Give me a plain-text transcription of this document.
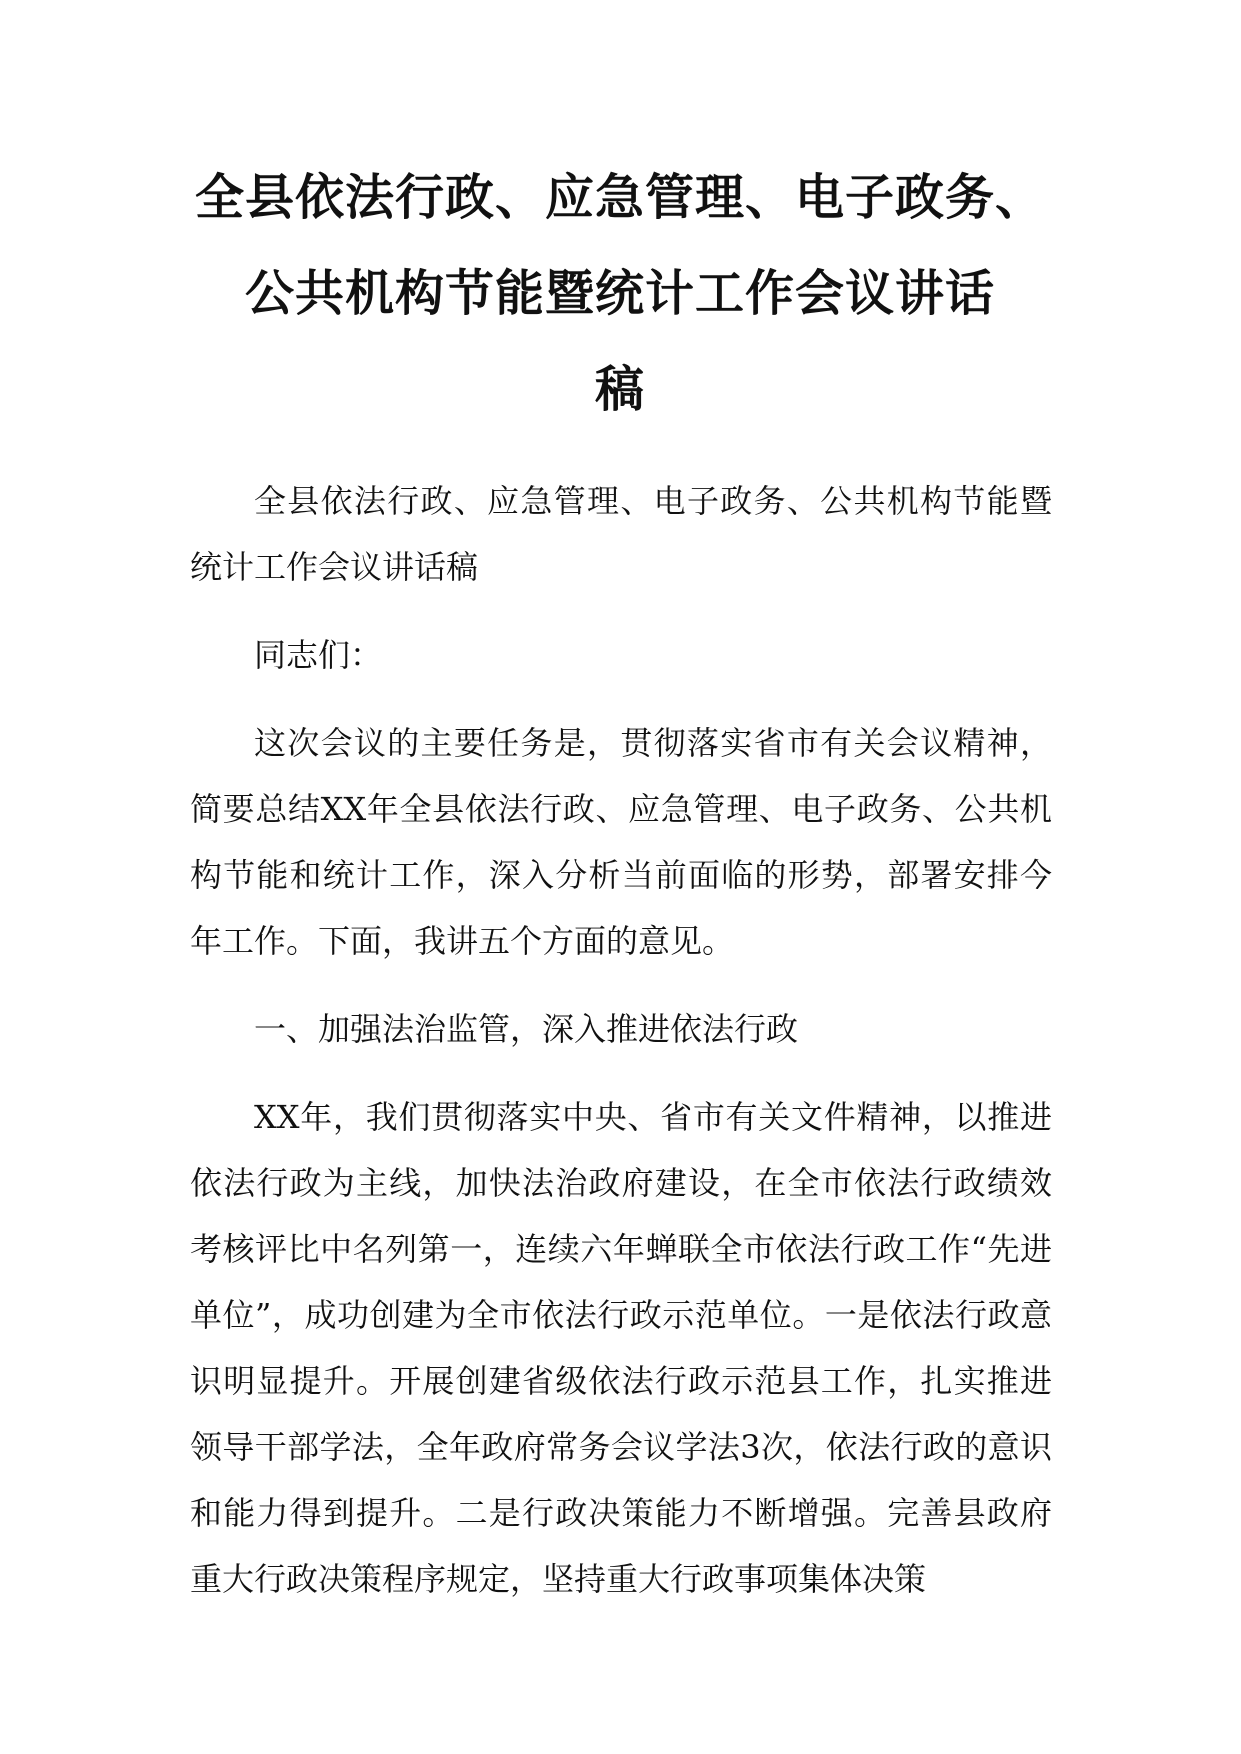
全县依法行政、应急管理、电子政务、
公共机构节能暨统计工作会议讲话
稿

全县依法行政、应急管理、电子政务、公共机构节能暨统计工作会议讲话稿

同志们：

这次会议的主要任务是，贯彻落实省市有关会议精神，简要总结XX年全县依法行政、应急管理、电子政务、公共机构节能和统计工作，深入分析当前面临的形势，部署安排今年工作。下面，我讲五个方面的意见。

一、加强法治监管，深入推进依法行政

XX年，我们贯彻落实中央、省市有关文件精神，以推进依法行政为主线，加快法治政府建设，在全市依法行政绩效考核评比中名列第一，连续六年蝉联全市依法行政工作“先进单位”，成功创建为全市依法行政示范单位。一是依法行政意识明显提升。开展创建省级依法行政示范县工作，扎实推进领导干部学法，全年政府常务会议学法3次，依法行政的意识和能力得到提升。二是行政决策能力不断增强。完善县政府重大行政决策程序规定，坚持重大行政事项集体决策
